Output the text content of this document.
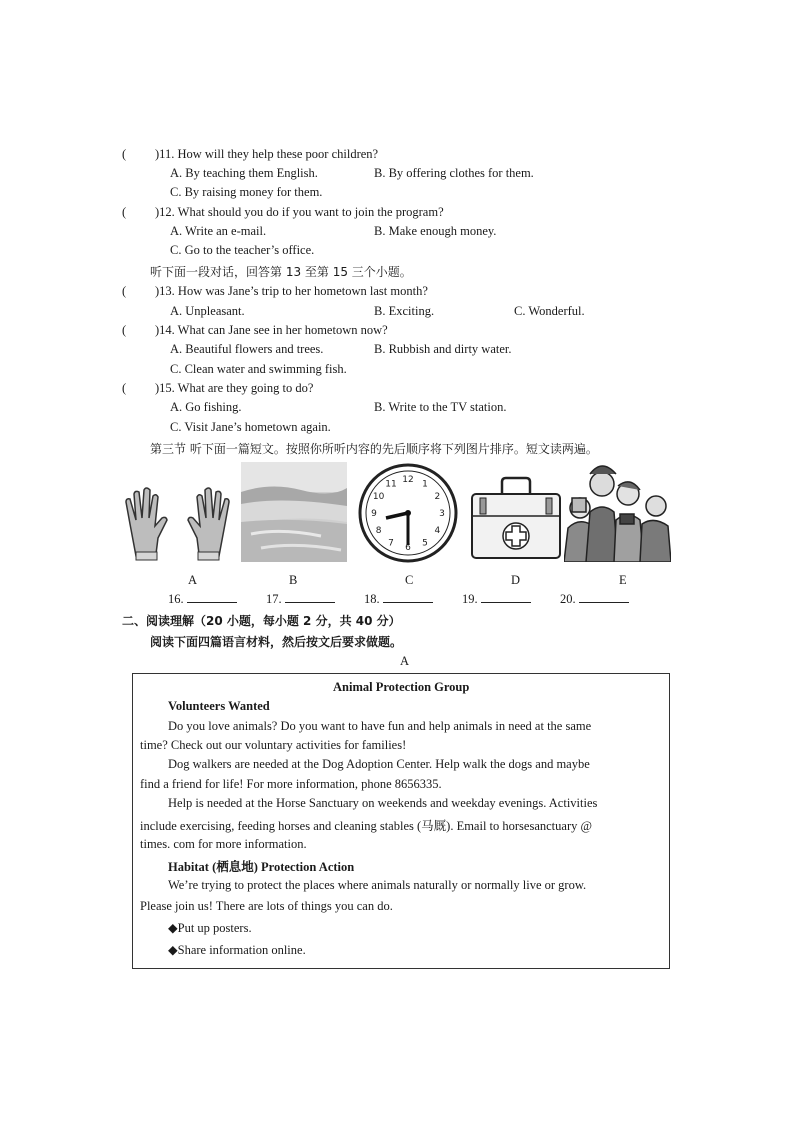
( )11. How will they help these poor children?
A. By teaching them English.	B. By offering clothes for them.
C. By raising money for them.
( )12. What should you do if you want to join the program?
A. Write an e-mail.	B. Make enough money.
C. Go to the teacher’s office.
听下面一段对话，回答第 13 至第 15 三个小题。
( )13. How was Jane’s trip to her hometown last month?
A. Unpleasant.	B. Exciting.	C. Wonderful.
( )14. What can Jane see in her hometown now?
A. Beautiful flowers and trees.	B. Rubbish and dirty water.
C. Clean water and swimming fish.
( )15. What are they going to do?
A. Go fishing.	B. Write to the TV station.
C. Visit Jane’s hometown again.
第三节 听下面一篇短文。按照你所听内容的先后顺序将下列图片排序。短文读两遍。
12 1
2
3
4
5
6
7
8
9
10
11
A	B	C	D	E
16.	17.	18.	19.	20.
二、阅读理解（20 小题，每小题 2 分，共 40 分）
阅读下面四篇语言材料，然后按文后要求做题。
A
Animal Protection Group
Volunteers Wanted
Do you love animals? Do you want to have fun and help animals in need at the same
time? Check out our voluntary activities for families!
Dog walkers are needed at the Dog Adoption Center. Help walk the dogs and maybe
find a friend for life! For more information, phone 8656335.
Help is needed at the Horse Sanctuary on weekends and weekday evenings. Activities
include exercising, feeding horses and cleaning stables (马厩). Email to horsesanctuary @
times. com for more information.
Habitat (栖息地) Protection Action
We’re trying to protect the places where animals naturally or normally live or grow.
Please join us! There are lots of things you can do.
◆Put up posters.
◆Share information online.
